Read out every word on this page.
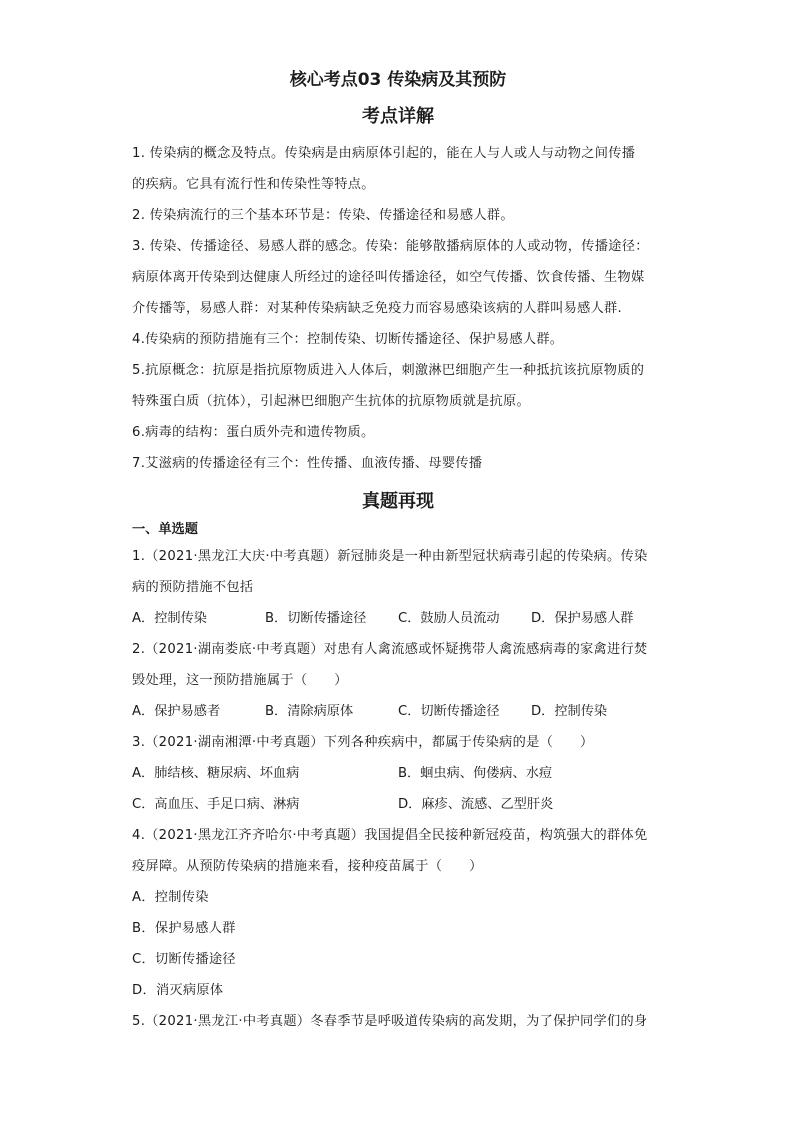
核心考点03 传染病及其预防
考点详解
1. 传染病的概念及特点。传染病是由病原体引起的，能在人与人或人与动物之间传播
的疾病。它具有流行性和传染性等特点。
2. 传染病流行的三个基本环节是：传染、传播途径和易感人群。
3. 传染、传播途径、易感人群的感念。传染：能够散播病原体的人或动物，传播途径：
病原体离开传染到达健康人所经过的途径叫传播途径，如空气传播、饮食传播、生物媒
介传播等，易感人群：对某种传染病缺乏免疫力而容易感染该病的人群叫易感人群.
4.传染病的预防措施有三个：控制传染、切断传播途径、保护易感人群。
5.抗原概念：抗原是指抗原物质进入人体后，刺激淋巴细胞产生一种抵抗该抗原物质的
特殊蛋白质（抗体），引起淋巴细胞产生抗体的抗原物质就是抗原。
6.病毒的结构：蛋白质外壳和遗传物质。
7.艾滋病的传播途径有三个：性传播、血液传播、母婴传播
真题再现
一、单选题
1.（2021·黑龙江大庆·中考真题）新冠肺炎是一种由新型冠状病毒引起的传染病。传染
病的预防措施不包括
A．控制传染	B．切断传播途径	C．鼓励人员流动	D．保护易感人群
2.（2021·湖南娄底·中考真题）对患有人禽流感或怀疑携带人禽流感病毒的家禽进行焚
毁处理，这一预防措施属于（　　）
A．保护易感者	B．清除病原体	C．切断传播途径	D．控制传染
3.（2021·湖南湘潭·中考真题）下列各种疾病中，都属于传染病的是（　　）
A．肺结核、糖尿病、坏血病	B．蛔虫病、佝偻病、水痘
C．高血压、手足口病、淋病	D．麻疹、流感、乙型肝炎
4.（2021·黑龙江齐齐哈尔·中考真题）我国提倡全民接种新冠疫苗，构筑强大的群体免
疫屏障。从预防传染病的措施来看，接种疫苗属于（　　）
A．控制传染
B．保护易感人群
C．切断传播途径
D．消灭病原体
5.（2021·黑龙江·中考真题）冬春季节是呼吸道传染病的高发期，为了保护同学们的身
